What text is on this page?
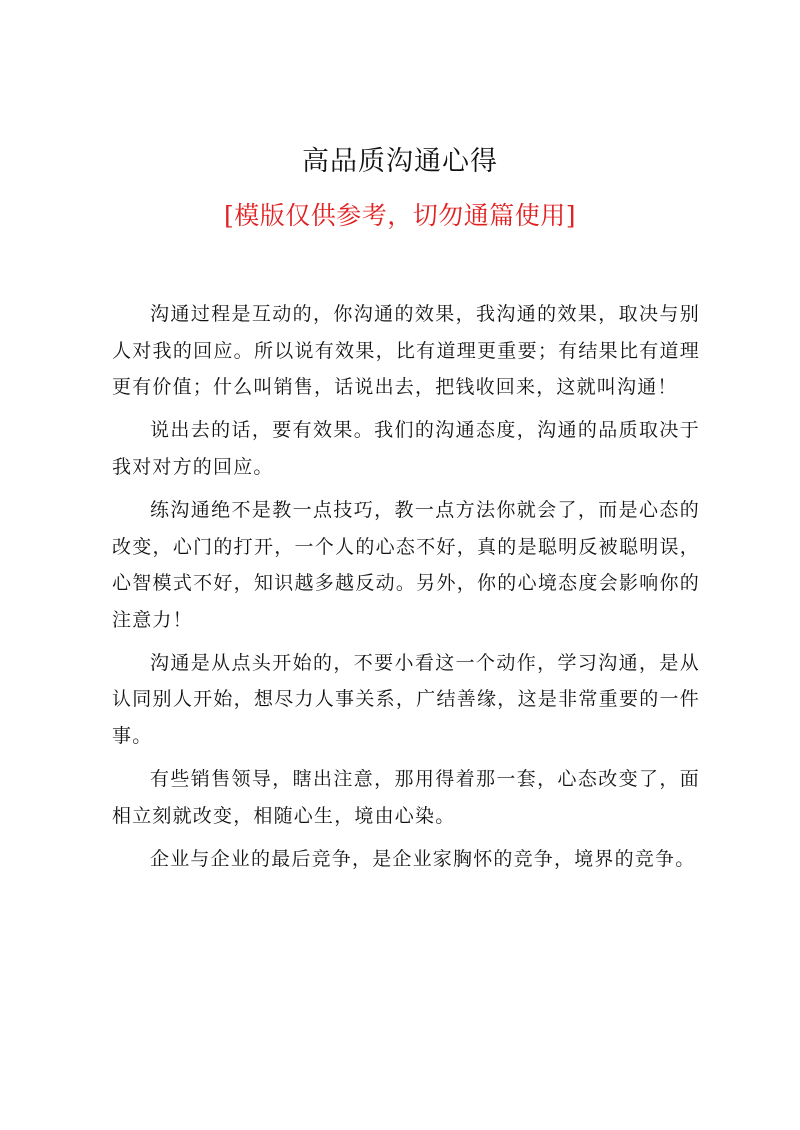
高品质沟通心得
[模版仅供参考，切勿通篇使用]

沟通过程是互动的，你沟通的效果，我沟通的效果，取决与别人对我的回应。所以说有效果，比有道理更重要；有结果比有道理更有价值；什么叫销售，话说出去，把钱收回来，这就叫沟通！

说出去的话，要有效果。我们的沟通态度，沟通的品质取决于我对对方的回应。

练沟通绝不是教一点技巧，教一点方法你就会了，而是心态的改变，心门的打开，一个人的心态不好，真的是聪明反被聪明误，心智模式不好，知识越多越反动。另外，你的心境态度会影响你的注意力！

沟通是从点头开始的，不要小看这一个动作，学习沟通，是从认同别人开始，想尽力人事关系，广结善缘，这是非常重要的一件事。

有些销售领导，瞎出注意，那用得着那一套，心态改变了，面相立刻就改变，相随心生，境由心染。

企业与企业的最后竞争，是企业家胸怀的竞争，境界的竞争。
